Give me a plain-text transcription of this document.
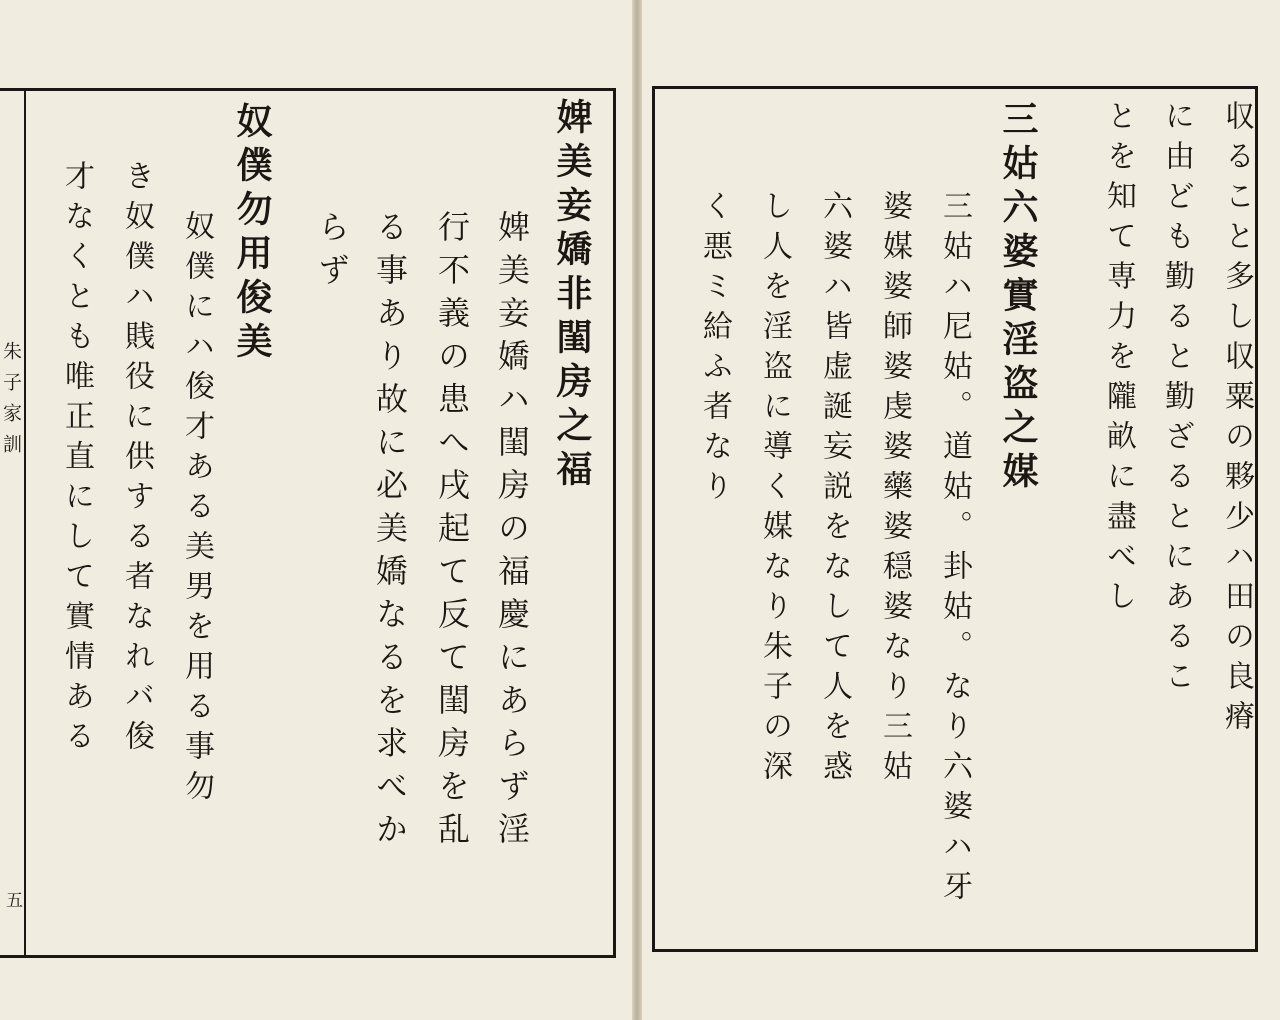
朱子家訓
五
婢美妾嬌非閨房之福
婢美妾嬌ハ閨房の福慶にあらず淫
行不義の患へ戌起て反て閨房を乱
る事あり故に必美嬌なるを求べか
らず
奴僕勿用俊美
奴僕にハ俊才ある美男を用る事勿
き奴僕ハ賎役に供する者なれバ俊
才なくとも唯正直にして實情ある	収ること多し収粟の夥少ハ田の良瘠
に由ども勤ると勤ざるとにあるこ
とを知て専力を隴畝に盡べし
三姑六婆實淫盗之媒
三姑ハ尼姑。道姑。卦姑。なり六婆ハ牙
婆媒婆師婆虔婆藥婆穏婆なり三姑
六婆ハ皆虚誕妄説をなして人を惑
し人を淫盗に導く媒なり朱子の深
く悪ミ給ふ者なり
